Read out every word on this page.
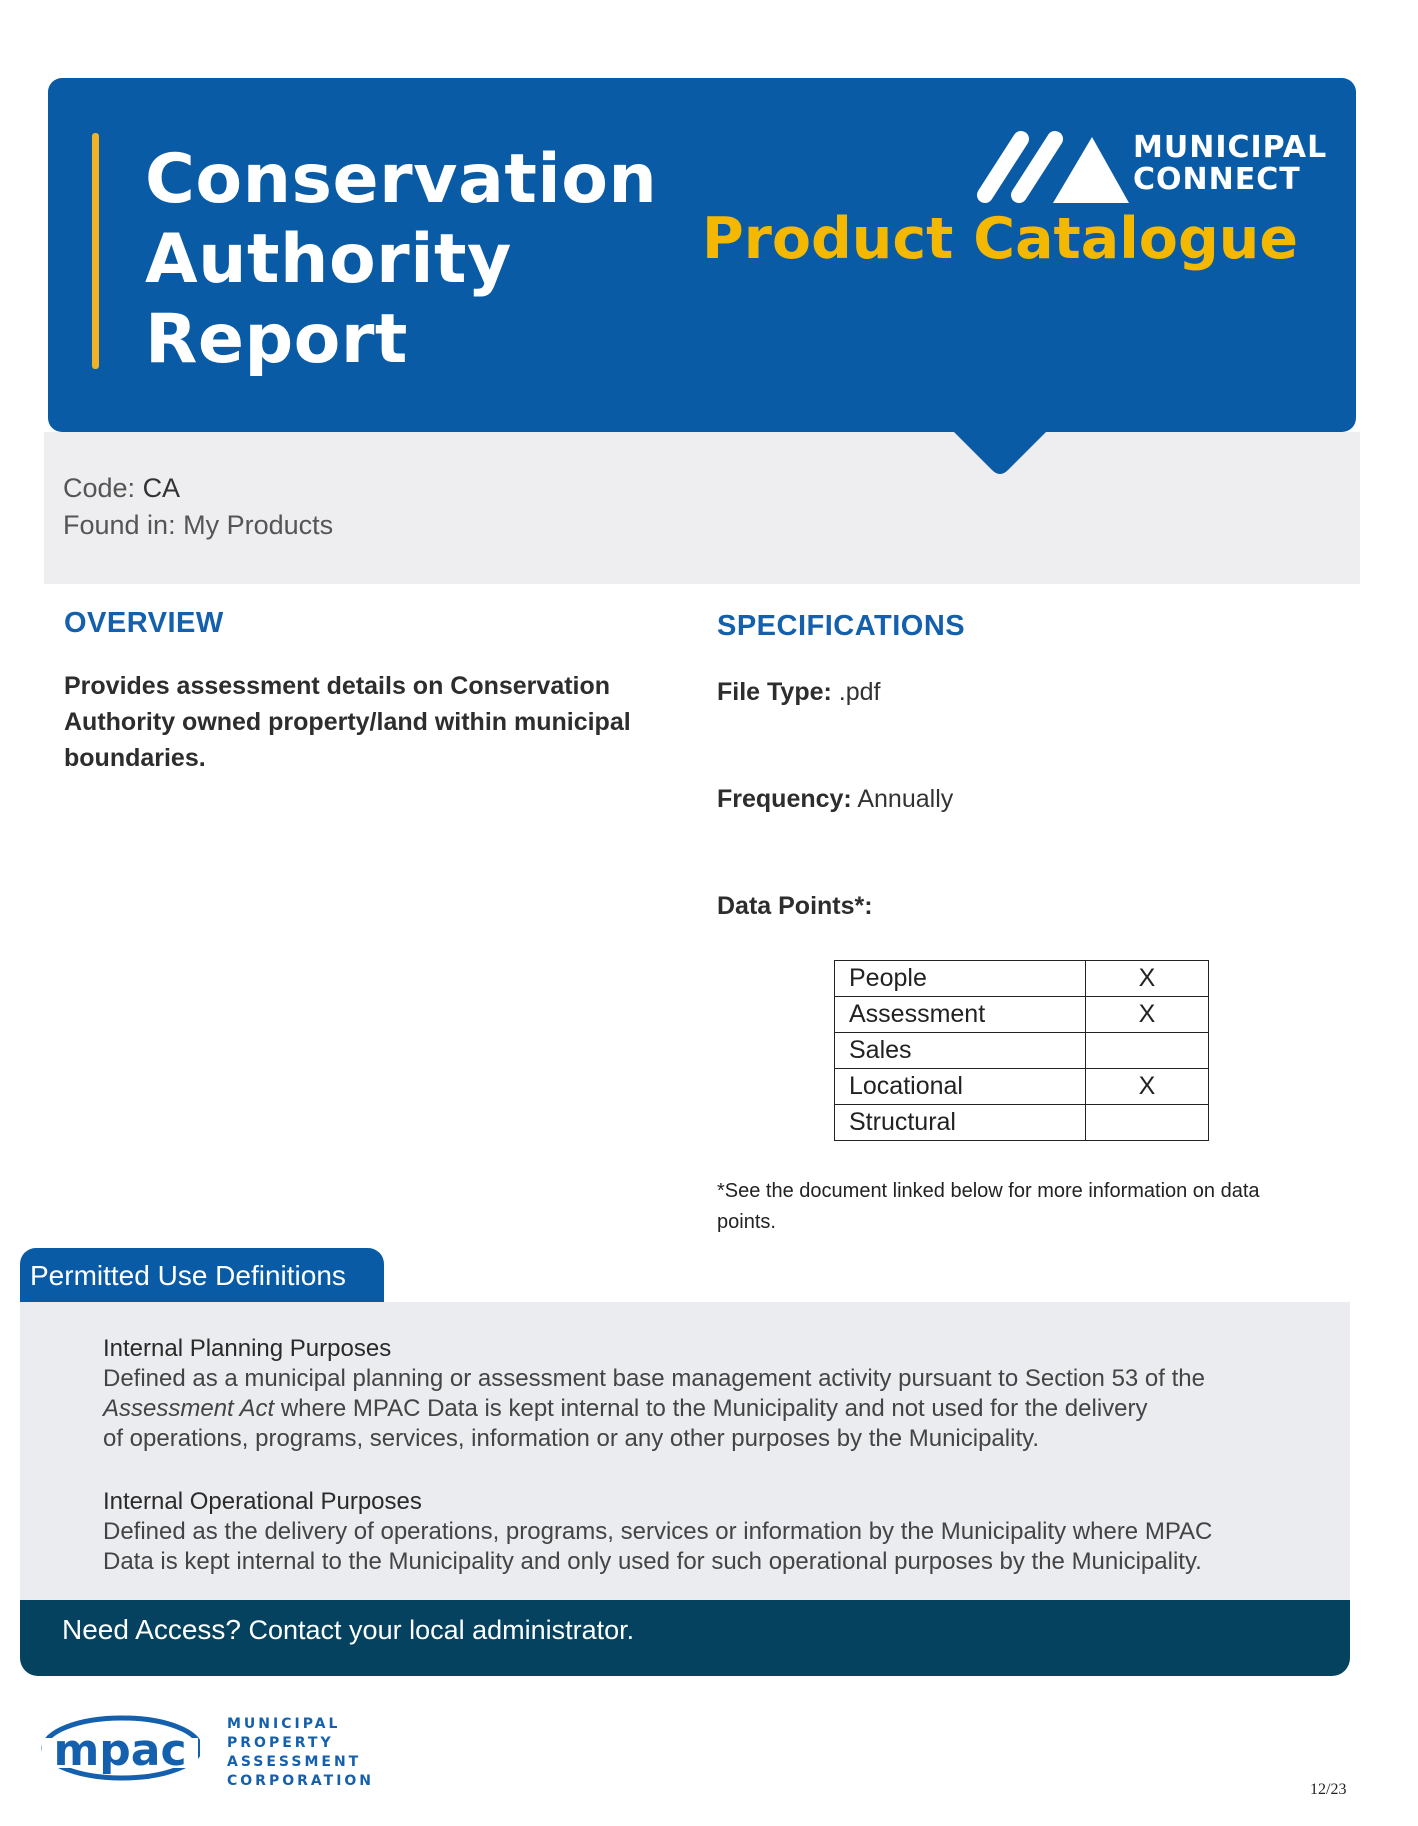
Conservation
Authority
Report
MUNICIPAL
CONNECT
Product Catalogue
Code: CA
Found in: My Products
OVERVIEW
Provides assessment details on Conservation Authority owned property/land within municipal boundaries.
SPECIFICATIONS
File Type: .pdf
Frequency: Annually
Data Points*:
People	X
Assessment	X
Sales	
Locational	X
Structural	
*See the document linked below for more information on data points.
Permitted Use Definitions
Internal Planning Purposes
Defined as a municipal planning or assessment base management activity pursuant to Section 53 of the
Assessment Act where MPAC Data is kept internal to the Municipality and not used for the delivery
of operations, programs, services, information or any other purposes by the Municipality.
Internal Operational Purposes
Defined as the delivery of operations, programs, services or information by the Municipality where MPAC
Data is kept internal to the Municipality and only used for such operational purposes by the Municipality.
Need Access? Contact your local administrator.
mpac
MUNICIPAL
PROPERTY
ASSESSMENT
CORPORATION	12/23
